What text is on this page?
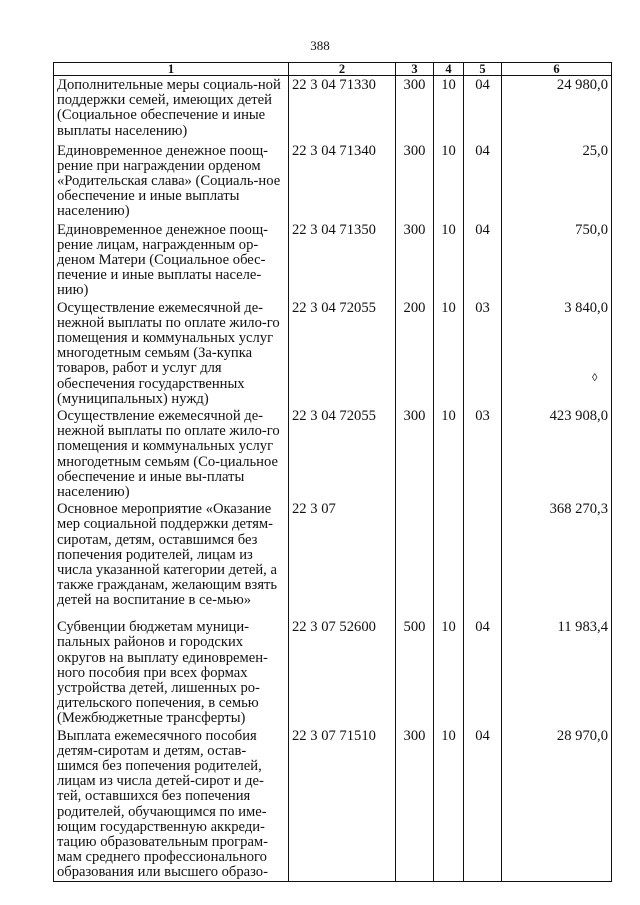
388
1	2	3	4	5	6
Дополнительные меры социаль-ной поддержки семей, имеющих детей (Социальное обеспечение и иные выплаты населению)	22 3 04 71330	300	10	04	24 980,0
Единовременное денежное поощ-рение при награждении орденом «Родительская слава» (Социаль-ное обеспечение и иные выплаты населению)	22 3 04 71340	300	10	04	25,0
Единовременное денежное поощ-рение лицам, награжденным ор-деном Матери (Социальное обес-печение и иные выплаты населе-нию)	22 3 04 71350	300	10	04	750,0
Осуществление ежемесячной де-нежной выплаты по оплате жило-го помещения и коммунальных услуг многодетным семьям (За-купка товаров, работ и услуг для обеспечения государственных (муниципальных) нужд)	22 3 04 72055	200	10	03	3 840,0
Осуществление ежемесячной де-нежной выплаты по оплате жило-го помещения и коммунальных услуг многодетным семьям (Со-циальное обеспечение и иные вы-платы населению)	22 3 04 72055	300	10	03	423 908,0
Основное мероприятие «Оказание мер социальной поддержки детям-сиротам, детям, оставшимся без попечения родителей, лицам из числа указанной категории детей, а также гражданам, желающим взять детей на воспитание в се-мью»	22 3 07				368 270,3
Субвенции бюджетам муници-пальных районов и городских округов на выплату единовремен-ного пособия при всех формах устройства детей, лишенных ро-дительского попечения, в семью (Межбюджетные трансферты)	22 3 07 52600	500	10	04	11 983,4
Выплата ежемесячного пособия детям-сиротам и детям, остав-шимся без попечения родителей, лицам из числа детей-сирот и де-тей, оставшихся без попечения родителей, обучающимся по име-ющим государственную аккреди-тацию образовательным програм-мам среднего профессионального образования или высшего образо-	22 3 07 71510	300	10	04	28 970,0
◊
